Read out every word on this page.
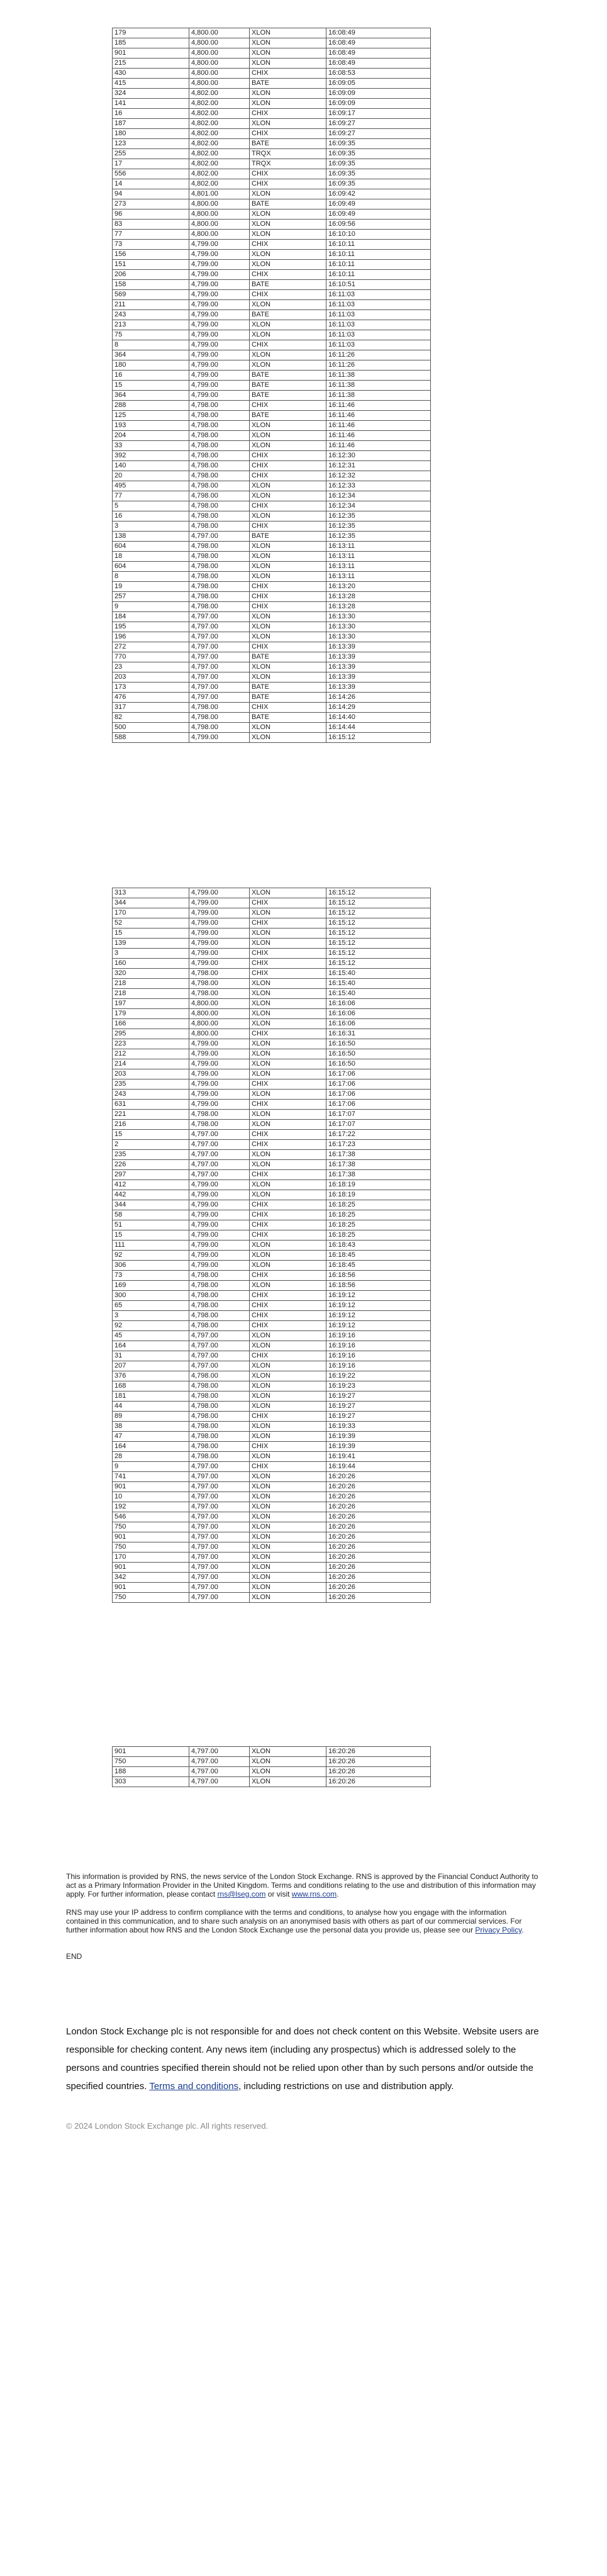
179	4,800.00	XLON	16:08:49
185	4,800.00	XLON	16:08:49
901	4,800.00	XLON	16:08:49
215	4,800.00	XLON	16:08:49
430	4,800.00	CHIX	16:08:53
415	4,800.00	BATE	16:09:05
324	4,802.00	XLON	16:09:09
141	4,802.00	XLON	16:09:09
16	4,802.00	CHIX	16:09:17
187	4,802.00	XLON	16:09:27
180	4,802.00	CHIX	16:09:27
123	4,802.00	BATE	16:09:35
255	4,802.00	TRQX	16:09:35
17	4,802.00	TRQX	16:09:35
556	4,802.00	CHIX	16:09:35
14	4,802.00	CHIX	16:09:35
94	4,801.00	XLON	16:09:42
273	4,800.00	BATE	16:09:49
96	4,800.00	XLON	16:09:49
83	4,800.00	XLON	16:09:56
77	4,800.00	XLON	16:10:10
73	4,799.00	CHIX	16:10:11
156	4,799.00	XLON	16:10:11
151	4,799.00	XLON	16:10:11
206	4,799.00	CHIX	16:10:11
158	4,799.00	BATE	16:10:51
569	4,799.00	CHIX	16:11:03
211	4,799.00	XLON	16:11:03
243	4,799.00	BATE	16:11:03
213	4,799.00	XLON	16:11:03
75	4,799.00	XLON	16:11:03
8	4,799.00	CHIX	16:11:03
364	4,799.00	XLON	16:11:26
180	4,799.00	XLON	16:11:26
16	4,799.00	BATE	16:11:38
15	4,799.00	BATE	16:11:38
364	4,799.00	BATE	16:11:38
288	4,798.00	CHIX	16:11:46
125	4,798.00	BATE	16:11:46
193	4,798.00	XLON	16:11:46
204	4,798.00	XLON	16:11:46
33	4,798.00	XLON	16:11:46
392	4,798.00	CHIX	16:12:30
140	4,798.00	CHIX	16:12:31
20	4,798.00	CHIX	16:12:32
495	4,798.00	XLON	16:12:33
77	4,798.00	XLON	16:12:34
5	4,798.00	CHIX	16:12:34
16	4,798.00	XLON	16:12:35
3	4,798.00	CHIX	16:12:35
138	4,797.00	BATE	16:12:35
604	4,798.00	XLON	16:13:11
18	4,798.00	XLON	16:13:11
604	4,798.00	XLON	16:13:11
8	4,798.00	XLON	16:13:11
19	4,798.00	CHIX	16:13:20
257	4,798.00	CHIX	16:13:28
9	4,798.00	CHIX	16:13:28
184	4,797.00	XLON	16:13:30
195	4,797.00	XLON	16:13:30
196	4,797.00	XLON	16:13:30
272	4,797.00	CHIX	16:13:39
770	4,797.00	BATE	16:13:39
23	4,797.00	XLON	16:13:39
203	4,797.00	XLON	16:13:39
173	4,797.00	BATE	16:13:39
476	4,797.00	BATE	16:14:26
317	4,798.00	CHIX	16:14:29
82	4,798.00	BATE	16:14:40
500	4,798.00	XLON	16:14:44
588	4,799.00	XLON	16:15:12
313	4,799.00	XLON	16:15:12
344	4,799.00	CHIX	16:15:12
170	4,799.00	XLON	16:15:12
52	4,799.00	CHIX	16:15:12
15	4,799.00	XLON	16:15:12
139	4,799.00	XLON	16:15:12
3	4,799.00	CHIX	16:15:12
160	4,799.00	CHIX	16:15:12
320	4,798.00	CHIX	16:15:40
218	4,798.00	XLON	16:15:40
218	4,798.00	XLON	16:15:40
197	4,800.00	XLON	16:16:06
179	4,800.00	XLON	16:16:06
166	4,800.00	XLON	16:16:06
295	4,800.00	CHIX	16:16:31
223	4,799.00	XLON	16:16:50
212	4,799.00	XLON	16:16:50
214	4,799.00	XLON	16:16:50
203	4,799.00	XLON	16:17:06
235	4,799.00	CHIX	16:17:06
243	4,799.00	XLON	16:17:06
631	4,799.00	CHIX	16:17:06
221	4,798.00	XLON	16:17:07
216	4,798.00	XLON	16:17:07
15	4,797.00	CHIX	16:17:22
2	4,797.00	CHIX	16:17:23
235	4,797.00	XLON	16:17:38
226	4,797.00	XLON	16:17:38
297	4,797.00	CHIX	16:17:38
412	4,799.00	XLON	16:18:19
442	4,799.00	XLON	16:18:19
344	4,799.00	CHIX	16:18:25
58	4,799.00	CHIX	16:18:25
51	4,799.00	CHIX	16:18:25
15	4,799.00	CHIX	16:18:25
111	4,799.00	XLON	16:18:43
92	4,799.00	XLON	16:18:45
306	4,799.00	XLON	16:18:45
73	4,798.00	CHIX	16:18:56
169	4,798.00	XLON	16:18:56
300	4,798.00	CHIX	16:19:12
65	4,798.00	CHIX	16:19:12
3	4,798.00	CHIX	16:19:12
92	4,798.00	CHIX	16:19:12
45	4,797.00	XLON	16:19:16
164	4,797.00	XLON	16:19:16
31	4,797.00	CHIX	16:19:16
207	4,797.00	XLON	16:19:16
376	4,798.00	XLON	16:19:22
168	4,798.00	XLON	16:19:23
181	4,798.00	XLON	16:19:27
44	4,798.00	XLON	16:19:27
89	4,798.00	CHIX	16:19:27
38	4,798.00	XLON	16:19:33
47	4,798.00	XLON	16:19:39
164	4,798.00	CHIX	16:19:39
28	4,798.00	XLON	16:19:41
9	4,797.00	CHIX	16:19:44
741	4,797.00	XLON	16:20:26
901	4,797.00	XLON	16:20:26
10	4,797.00	XLON	16:20:26
192	4,797.00	XLON	16:20:26
546	4,797.00	XLON	16:20:26
750	4,797.00	XLON	16:20:26
901	4,797.00	XLON	16:20:26
750	4,797.00	XLON	16:20:26
170	4,797.00	XLON	16:20:26
901	4,797.00	XLON	16:20:26
342	4,797.00	XLON	16:20:26
901	4,797.00	XLON	16:20:26
750	4,797.00	XLON	16:20:26
901	4,797.00	XLON	16:20:26
750	4,797.00	XLON	16:20:26
188	4,797.00	XLON	16:20:26
303	4,797.00	XLON	16:20:26

This information is provided by RNS, the news service of the London Stock Exchange. RNS is approved by the Financial Conduct Authority to act as a Primary Information Provider in the United Kingdom. Terms and conditions relating to the use and distribution of this information may apply. For further information, please contact rns@lseg.com or visit www.rns.com.

RNS may use your IP address to confirm compliance with the terms and conditions, to analyse how you engage with the information contained in this communication, and to share such analysis on an anonymised basis with others as part of our commercial services. For further information about how RNS and the London Stock Exchange use the personal data you provide us, please see our Privacy Policy.

END

London Stock Exchange plc is not responsible for and does not check content on this Website. Website users are responsible for checking content. Any news item (including any prospectus) which is addressed solely to the persons and countries specified therein should not be relied upon other than by such persons and/or outside the specified countries. Terms and conditions, including restrictions on use and distribution apply.

© 2024 London Stock Exchange plc. All rights reserved.
